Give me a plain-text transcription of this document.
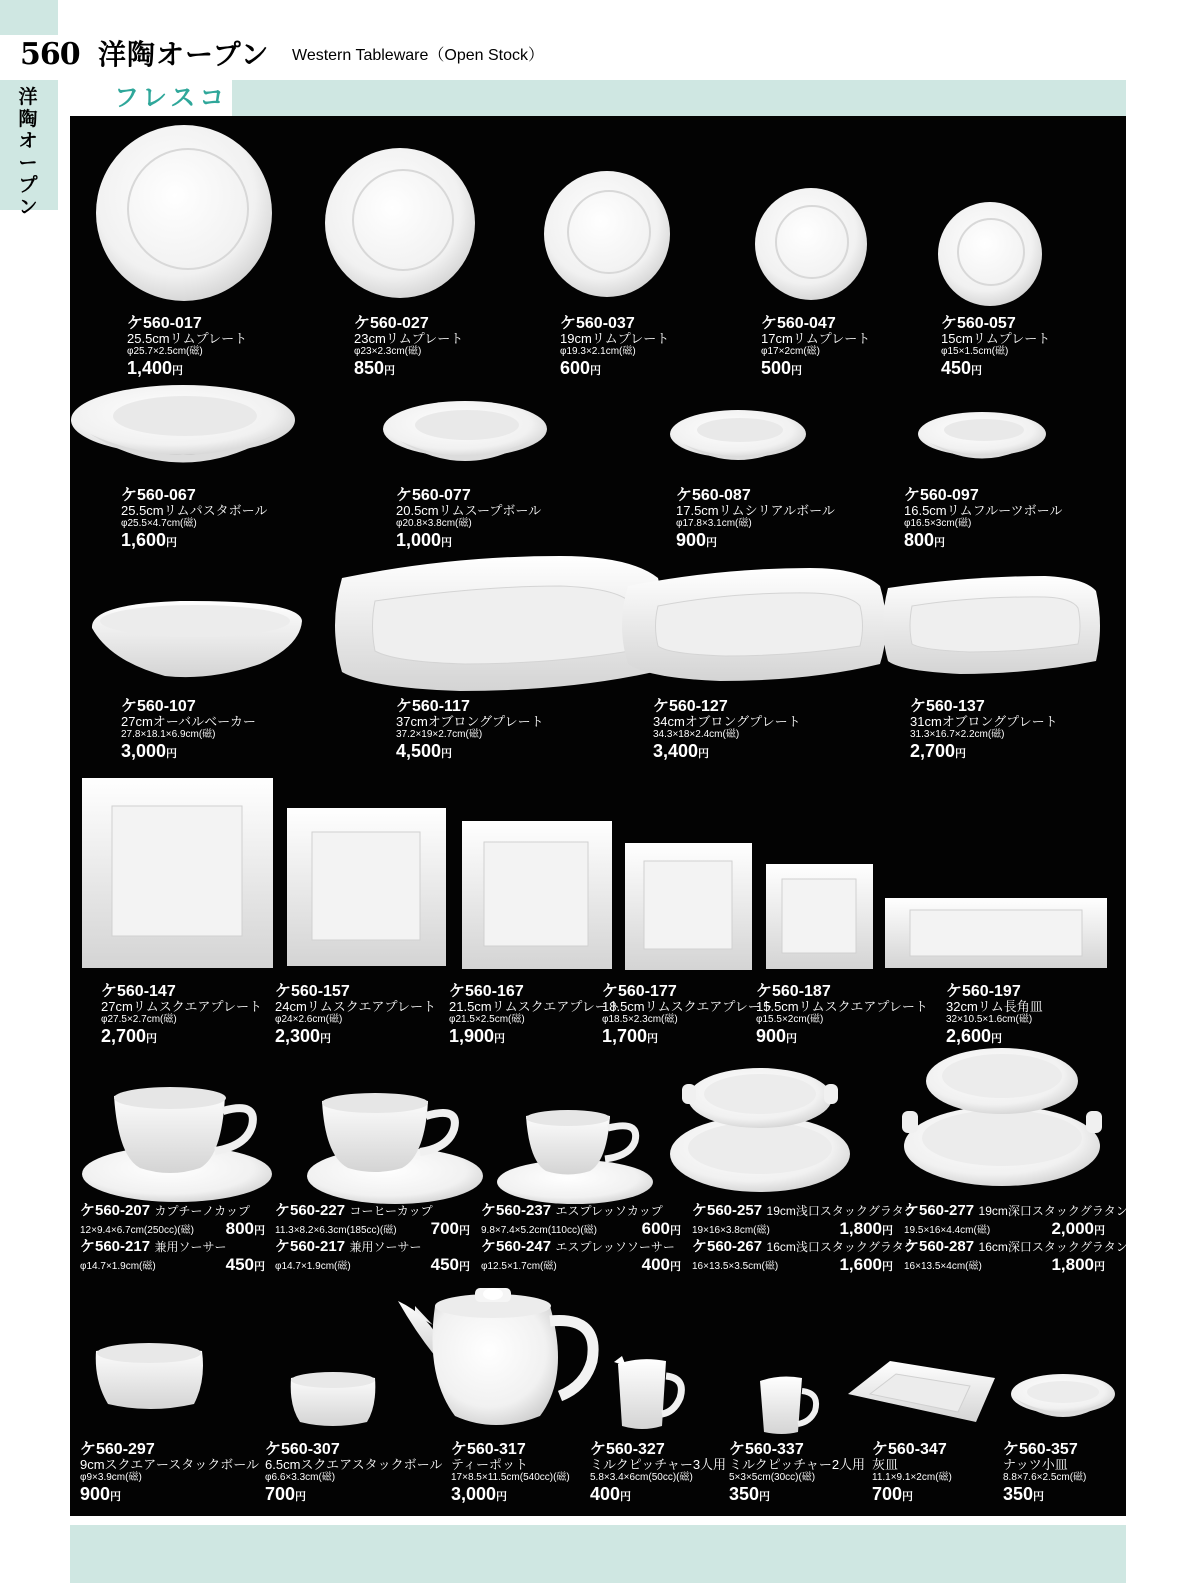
560 洋陶オープン Western Tableware（Open Stock）
洋陶オープン
フレスコ
ケ560-017
25.5cmリムプレート
φ25.7×2.5cm(磁)
1,400円
ケ560-027
23cmリムプレート
φ23×2.3cm(磁)
850円
ケ560-037
19cmリムプレート
φ19.3×2.1cm(磁)
600円
ケ560-047
17cmリムプレート
φ17×2cm(磁)
500円
ケ560-057
15cmリムプレート
φ15×1.5cm(磁)
450円
ケ560-067
25.5cmリムパスタボール
φ25.5×4.7cm(磁)
1,600円
ケ560-077
20.5cmリムスープボール
φ20.8×3.8cm(磁)
1,000円
ケ560-087
17.5cmリムシリアルボール
φ17.8×3.1cm(磁)
900円
ケ560-097
16.5cmリムフルーツボール
φ16.5×3cm(磁)
800円
ケ560-107
27cmオーバルベーカー
27.8×18.1×6.9cm(磁)
3,000円
ケ560-117
37cmオブロングプレート
37.2×19×2.7cm(磁)
4,500円
ケ560-127
34cmオブロングプレート
34.3×18×2.4cm(磁)
3,400円
ケ560-137
31cmオブロングプレート
31.3×16.7×2.2cm(磁)
2,700円
ケ560-147
27cmリムスクエアプレート
φ27.5×2.7cm(磁)
2,700円
ケ560-157
24cmリムスクエアプレート
φ24×2.6cm(磁)
2,300円
ケ560-167
21.5cmリムスクエアプレート
φ21.5×2.5cm(磁)
1,900円
ケ560-177
18.5cmリムスクエアプレート
φ18.5×2.3cm(磁)
1,700円
ケ560-187
15.5cmリムスクエアプレート
φ15.5×2cm(磁)
900円
ケ560-197
32cmリム長角皿
32×10.5×1.6cm(磁)
2,600円
ケ560-207 カプチーノカップ
12×9.4×6.7cm(250cc)(磁) 800円
ケ560-217 兼用ソーサー
φ14.7×1.9cm(磁)	450円
ケ560-227 コーヒーカップ
11.3×8.2×6.3cm(185cc)(磁) 700円
ケ560-217 兼用ソーサー
φ14.7×1.9cm(磁)	450円
ケ560-237 エスプレッソカップ
9.8×7.4×5.2cm(110cc)(磁)	600円
ケ560-247 エスプレッソソーサー
φ12.5×1.7cm(磁)	400円
ケ560-257 19cm浅口スタックグラタン
19×16×3.8cm(磁)	1,800円
ケ560-267 16cm浅口スタックグラタン
16×13.5×3.5cm(磁)	1,600円
ケ560-277 19cm深口スタックグラタン
19.5×16×4.4cm(磁)	2,000円
ケ560-287 16cm深口スタックグラタン
16×13.5×4cm(磁)	1,800円
ケ560-297
9cmスクエアースタックボール
φ9×3.9cm(磁)
900円
ケ560-307
6.5cmスクエアスタックボール
φ6.6×3.3cm(磁)
700円
ケ560-317
ティーポット
17×8.5×11.5cm(540cc)(磁)
3,000円
ケ560-327
ミルクピッチャー3人用
5.8×3.4×6cm(50cc)(磁)
400円
ケ560-337
ミルクピッチャー2人用
5×3×5cm(30cc)(磁)
350円
ケ560-347
灰皿
11.1×9.1×2cm(磁)
700円
ケ560-357
ナッツ小皿
8.8×7.6×2.5cm(磁)
350円
